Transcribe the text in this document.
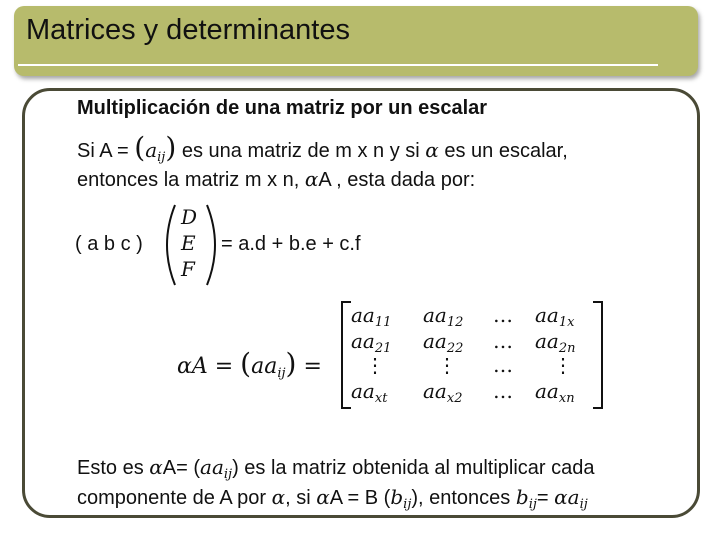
Matrices y determinantes
Multiplicación de una matriz por un escalar
Si $A = (a_{ij})$ es una matriz de m x n y si α es un escalar,
entonces la matriz m x n, αA , esta dada por:
( a b c )
D
E
F
= a.d + b.e + c.f
$\alpha A = (aa_{ij})$ =
$aa_{11}$ $aa_{12}$ … $aa_{1x}$
$aa_{21}$ $aa_{22}$ … $aa_{2n}$
⋮	⋮ … ⋮
$aa_{xt}$ $aa_{x2}$ … $aa_{xn}$
Esto es $\alpha A= (aa_{ij})$ es la matriz obtenida al multiplicar cada
componente de A por α, si αA = B $(b_{ij})$, entonces $b_{ij}= \alpha a_{ij}$
